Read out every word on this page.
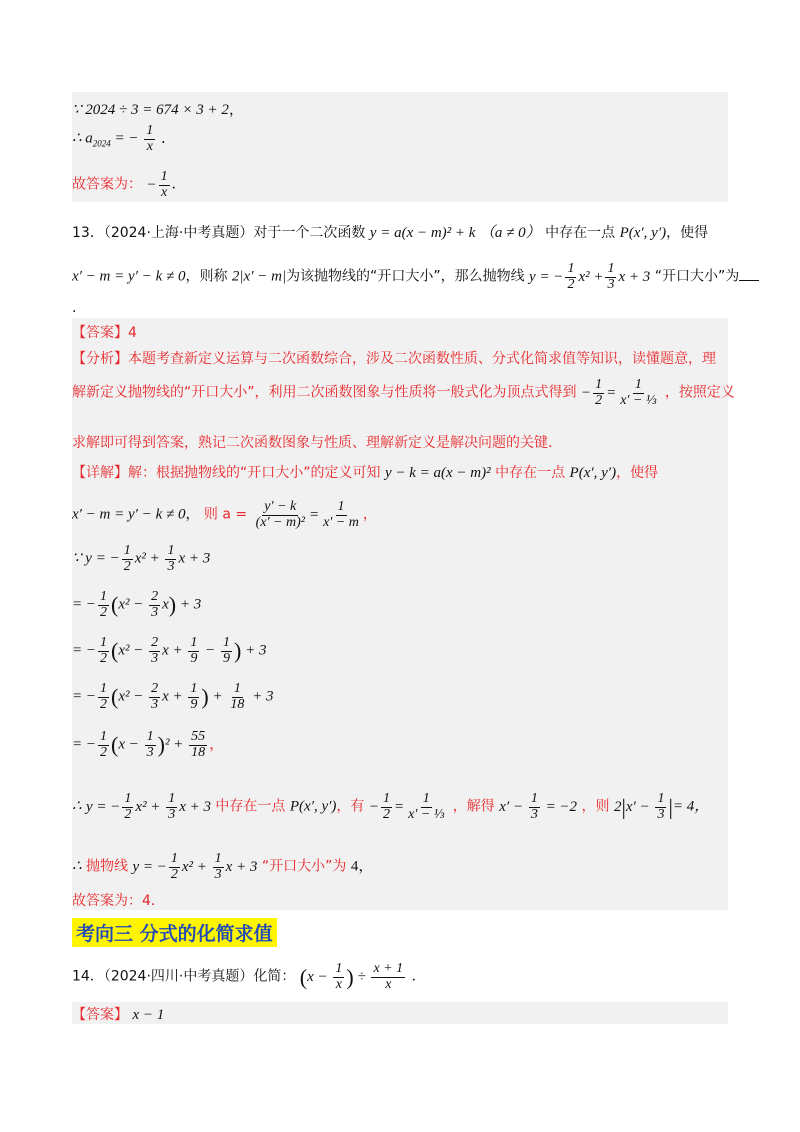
∵ 2024 ÷ 3 = 674 × 3 + 2，
∴ $a_{2024}$ = − $\frac{1}{x}$ ．
故答案为： − $\frac{1}{x}$ ．
13．（2024·上海·中考真题）对于一个二次函数 y = a(x − m)² + k （a ≠ 0） 中存在一点 P(x′, y′)，使得
x′ − m = y′ − k ≠ 0，则称 2|x′ − m|为该抛物线的“开口大小”，那么抛物线 y = − $\frac{1}{2} x^2 + \frac{1}{3}$ x + 3 “开口大小”为
.
【答案】4
【分析】本题考查新定义运算与二次函数综合，涉及二次函数性质、分式化简求值等知识，读懂题意，理
解新定义抛物线的“开口大小”，利用二次函数图象与性质将一般式化为顶点式得到 − $\frac{1}{2} = \frac{1}{\text{x′ − ⅓}}$ ，按照定义
求解即可得到答案，熟记二次函数图象与性质、理解新定义是解决问题的关键．
【详解】解：根据抛物线的“开口大小”的定义可知 y − k = a(x − m)² 中存在一点 P(x′, y′)，使得
x′ − m = y′ − k ≠ 0， 则 $a = \frac{y' - k}{\text{(x′ − m)²}} = \frac{1}{x' - m}$ ，
∵ y = − $\frac{1}{2} x^2 + \frac{1}{3}$ x + 3
= − $\frac{1}{2} (x^2 - \frac{2}{3} x) + 3$
= − $\frac{1}{2} (x^2 - \frac{2}{3}$ $x + \frac{1}{9} - \frac{1}{9}$ ) + 3
= − $\frac{1}{2} (x^2 - \frac{2}{3}$ $x + \frac{1}{9}$ ) + $\frac{1}{18} + 3$
= − $\frac{1}{2} (x - \frac{1}{3} )^2 + \frac{55}{18}$ ，
∴ y = − $\frac{1}{2} x^2 + \frac{1}{3}$ x + 3 中存在一点 P(x′, y′)，有 − $\frac{1}{2} = \frac{1}{\text{x′ − ⅓}}$ ，解得 $x' - \frac{1}{3} = -2$ ，则 $2|x' - \frac{1}{3}$ |= 4，
∴ 抛物线 y = − $\frac{1}{2} x^2 + \frac{1}{3}$ x + 3 “开口大小”为 4，
故答案为：4．
考向三 分式的化简求值
14．（2024·四川·中考真题）化简： ($x - \frac{1}{x}$ ) ÷ $\frac{x + 1}{x}$ ．
【答案】 x − 1
